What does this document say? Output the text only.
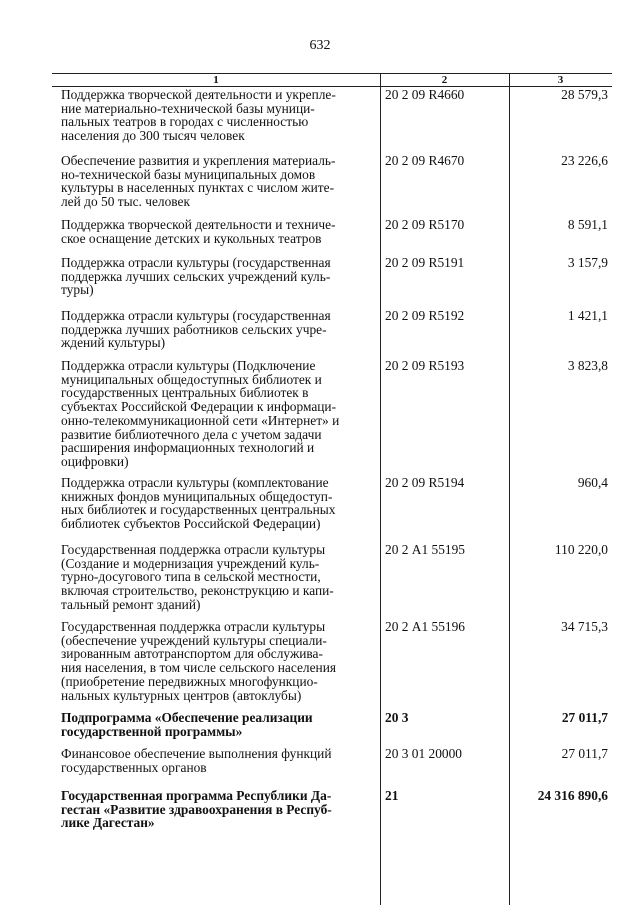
632
1	2	3
Поддержка творческой деятельности и укрепле-
ние материально-технической базы муници-
пальных театров в городах с численностью
населения до 300 тысяч человек
20 2 09 R4660	28 579,3
Обеспечение развития и укрепления материаль-
но-технической базы муниципальных домов
культуры в населенных пунктах с числом жите-
лей до 50 тыс. человек
20 2 09 R4670	23 226,6
Поддержка творческой деятельности и техниче-
ское оснащение детских и кукольных театров
20 2 09 R5170	8 591,1
Поддержка отрасли культуры (государственная
поддержка лучших сельских учреждений куль-
туры)
20 2 09 R5191	3 157,9
Поддержка отрасли культуры (государственная
поддержка лучших работников сельских учре-
ждений культуры)
20 2 09 R5192	1 421,1
Поддержка отрасли культуры (Подключение
муниципальных общедоступных библиотек и
государственных центральных библиотек в
субъектах Российской Федерации к информаци-
онно-телекоммуникационной сети «Интернет» и
развитие библиотечного дела с учетом задачи
расширения информационных технологий и
оцифровки)
20 2 09 R5193	3 823,8
Поддержка отрасли культуры (комплектование
книжных фондов муниципальных общедоступ-
ных библиотек и государственных центральных
библиотек субъектов Российской Федерации)
20 2 09 R5194	960,4
Государственная поддержка отрасли культуры
(Создание и модернизация учреждений куль-
турно-досугового типа в сельской местности,
включая строительство, реконструкцию и капи-
тальный ремонт зданий)
20 2 А1 55195	110 220,0
Государственная поддержка отрасли культуры
(обеспечение учреждений культуры специали-
зированным автотранспортом для обслужива-
ния населения, в том числе сельского населения
(приобретение передвижных многофункцио-
нальных культурных центров (автоклубы)
20 2 А1 55196	34 715,3
Подпрограмма «Обеспечение реализации
государственной программы»
20 3	27 011,7
Финансовое обеспечение выполнения функций
государственных органов
20 3 01 20000	27 011,7
Государственная программа Республики Да-
гестан «Развитие здравоохранения в Респуб-
лике Дагестан»
21	24 316 890,6
